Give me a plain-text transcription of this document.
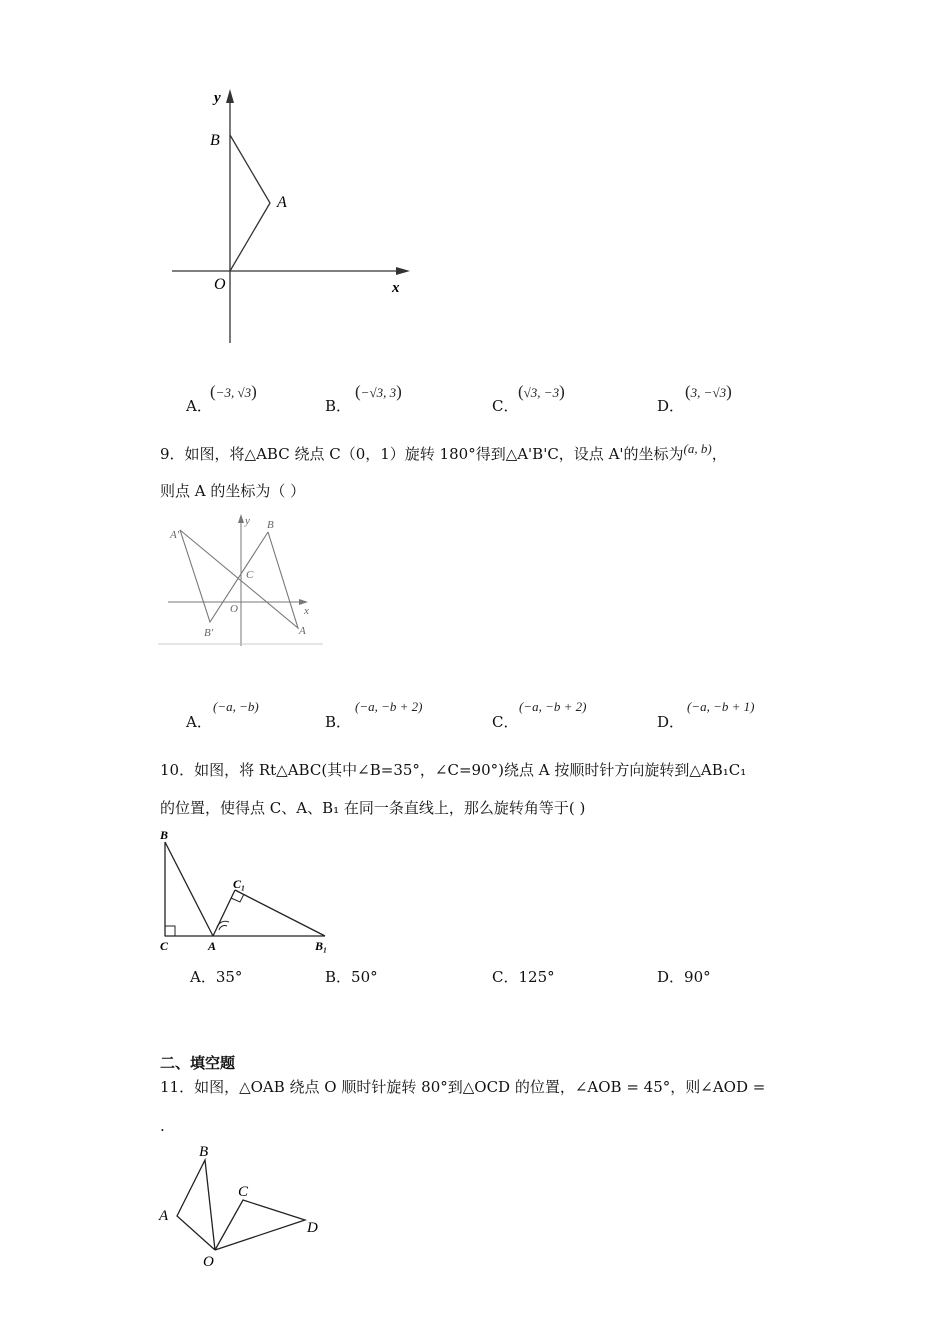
y
x
B
A
O
A．
(−3, √3)
B．
(−√3, 3)
C．
(√3, −3)
D．
(3, −√3)
9．如图，将△ABC 绕点 C（0，1）旋转 180°得到△A'B'C，设点 A'的坐标为(a, b)，
则点 A 的坐标为（ ）
A'
y B
C
O	x
B'	A
A．
(−a, −b)
B．
(−a, −b + 2)
C．
(−a, −b + 2)
D．
(−a, −b + 1)
10．如图，将 Rt△ABC(其中∠B=35°，∠C=90°)绕点 A 按顺时针方向旋转到△AB₁C₁
的位置，使得点 C、A、B₁ 在同一条直线上，那么旋转角等于( )
B
C	A
C₁
B₁
A．35°	B．50°	C．125°	D．90°
二、填空题
11．如图，△OAB 绕点 O 顺时针旋转 80°到△OCD 的位置，∠AOB = 45°，则∠AOD =
.
B
A
C
D
O
